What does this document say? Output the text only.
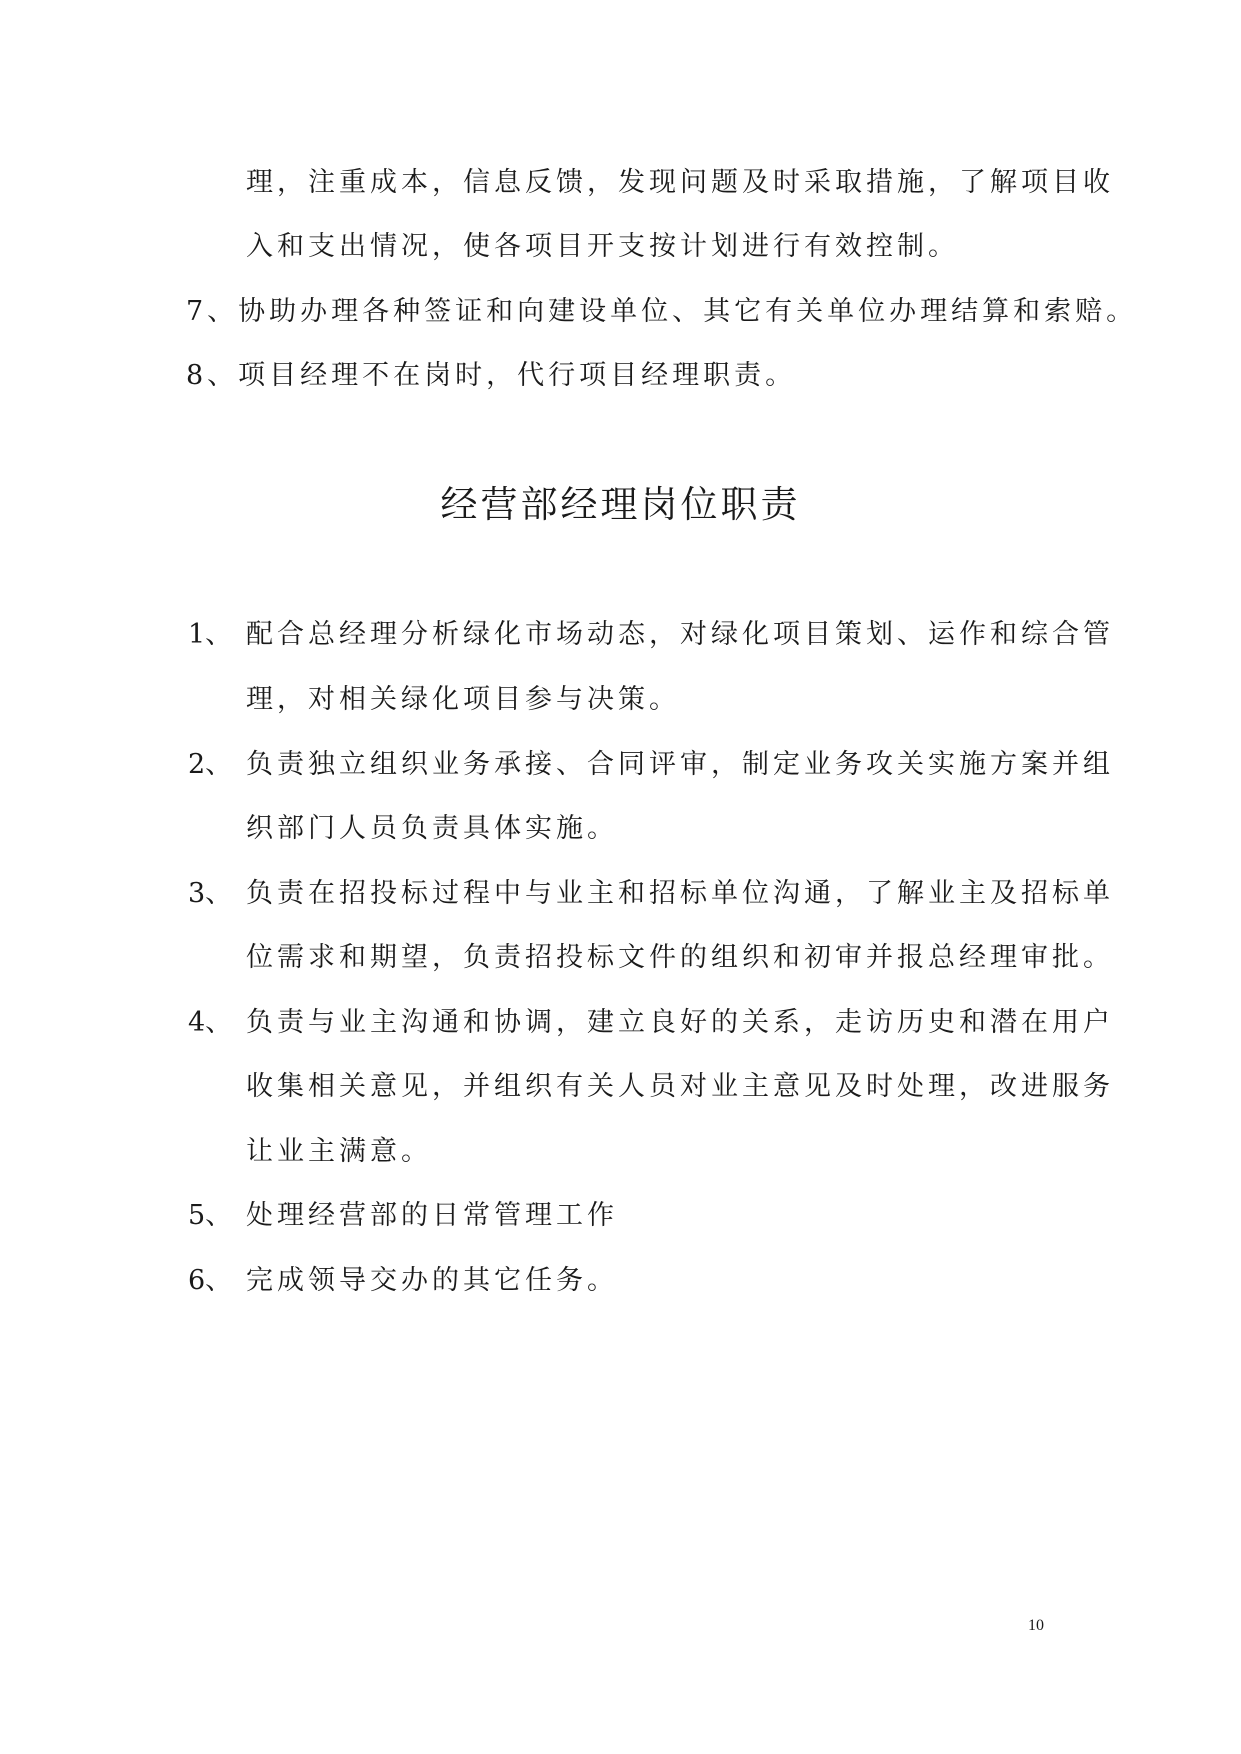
理，注重成本，信息反馈，发现问题及时采取措施，了解项目收
入和支出情况，使各项目开支按计划进行有效控制。
7、协助办理各种签证和向建设单位、其它有关单位办理结算和索赔。
8、项目经理不在岗时，代行项目经理职责。
经营部经理岗位职责
1、 配合总经理分析绿化市场动态，对绿化项目策划、运作和综合管
理，对相关绿化项目参与决策。
2、 负责独立组织业务承接、合同评审，制定业务攻关实施方案并组
织部门人员负责具体实施。
3、 负责在招投标过程中与业主和招标单位沟通，了解业主及招标单
位需求和期望，负责招投标文件的组织和初审并报总经理审批。
4、 负责与业主沟通和协调，建立良好的关系，走访历史和潜在用户
收集相关意见，并组织有关人员对业主意见及时处理，改进服务
让业主满意。
5、 处理经营部的日常管理工作
6、 完成领导交办的其它任务。
10
